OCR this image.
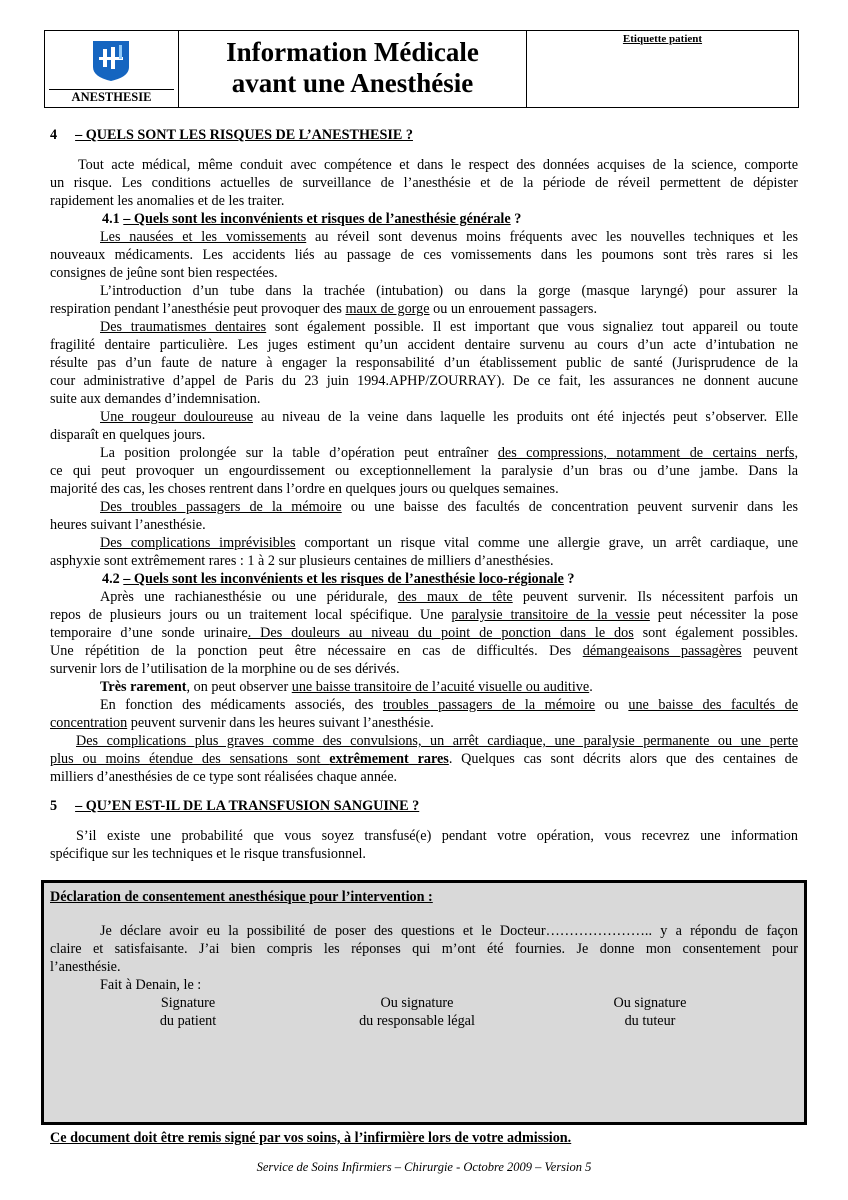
ANESTHESIE
Information Médicale
avant une Anesthésie
Etiquette patient
4 – QUELS SONT LES RISQUES DE L’ANESTHESIE ?
Tout acte médical, même conduit avec compétence et dans le respect des données acquises de la science, comporte
un risque. Les conditions actuelles de surveillance de l’anesthésie et de la période de réveil permettent de dépister
rapidement les anomalies et de les traiter.
4.1 – Quels sont les inconvénients et risques de l’anesthésie générale ?
Les nausées et les vomissements au réveil sont devenus moins fréquents avec les nouvelles techniques et les
nouveaux médicaments. Les accidents liés au passage de ces vomissements dans les poumons sont très rares si les
consignes de jeûne sont bien respectées.
L’introduction d’un tube dans la trachée (intubation) ou dans la gorge (masque laryngé) pour assurer la
respiration pendant l’anesthésie peut provoquer des maux de gorge ou un enrouement passagers.
Des traumatismes dentaires sont également possible. Il est important que vous signaliez tout appareil ou toute
fragilité dentaire particulière. Les juges estiment qu’un accident dentaire survenu au cours d’un acte d’intubation ne
résulte pas d’un faute de nature à engager la responsabilité d’un établissement public de santé (Jurisprudence de la
cour administrative d’appel de Paris du 23 juin 1994.APHP/ZOURRAY). De ce fait, les assurances ne donnent aucune
suite aux demandes d’indemnisation.
Une rougeur douloureuse au niveau de la veine dans laquelle les produits ont été injectés peut s’observer. Elle
disparaît en quelques jours.
La position prolongée sur la table d’opération peut entraîner des compressions, notamment de certains nerfs,
ce qui peut provoquer un engourdissement ou exceptionnellement la paralysie d’un bras ou d’une jambe. Dans la
majorité des cas, les choses rentrent dans l’ordre en quelques jours ou quelques semaines.
Des troubles passagers de la mémoire ou une baisse des facultés de concentration peuvent survenir dans les
heures suivant l’anesthésie.
Des complications imprévisibles comportant un risque vital comme une allergie grave, un arrêt cardiaque, une
asphyxie sont extrêmement rares : 1 à 2 sur plusieurs centaines de milliers d’anesthésies.
4.2 – Quels sont les inconvénients et les risques de l’anesthésie loco-régionale ?
Après une rachianesthésie ou une péridurale, des maux de tête peuvent survenir. Ils nécessitent parfois un
repos de plusieurs jours ou un traitement local spécifique. Une paralysie transitoire de la vessie peut nécessiter la pose
temporaire d’une sonde urinaire. Des douleurs au niveau du point de ponction dans le dos sont également possibles.
Une répétition de la ponction peut être nécessaire en cas de difficultés. Des démangeaisons passagères peuvent
survenir lors de l’utilisation de la morphine ou de ses dérivés.
Très rarement, on peut observer une baisse transitoire de l’acuité visuelle ou auditive.
En fonction des médicaments associés, des troubles passagers de la mémoire ou une baisse des facultés de
concentration peuvent survenir dans les heures suivant l’anesthésie.
Des complications plus graves comme des convulsions, un arrêt cardiaque, une paralysie permanente ou une perte
plus ou moins étendue des sensations sont extrêmement rares. Quelques cas sont décrits alors que des centaines de
milliers d’anesthésies de ce type sont réalisées chaque année.
5 – QU’EN EST-IL DE LA TRANSFUSION SANGUINE ?
S’il existe une probabilité que vous soyez transfusé(e) pendant votre opération, vous recevrez une information
spécifique sur les techniques et le risque transfusionnel.
Déclaration de consentement anesthésique pour l’intervention :
Je déclare avoir eu la possibilité de poser des questions et le Docteur………………….. y a répondu de façon
claire et satisfaisante. J’ai bien compris les réponses qui m’ont été fournies. Je donne mon consentement pour
l’anesthésie.
Fait à Denain, le :
Signature
du patient
Ou signature
du responsable légal
Ou signature
du tuteur
Ce document doit être remis signé par vos soins, à l’infirmière lors de votre admission.
Service de Soins Infirmiers – Chirurgie - Octobre 2009 – Version 5
